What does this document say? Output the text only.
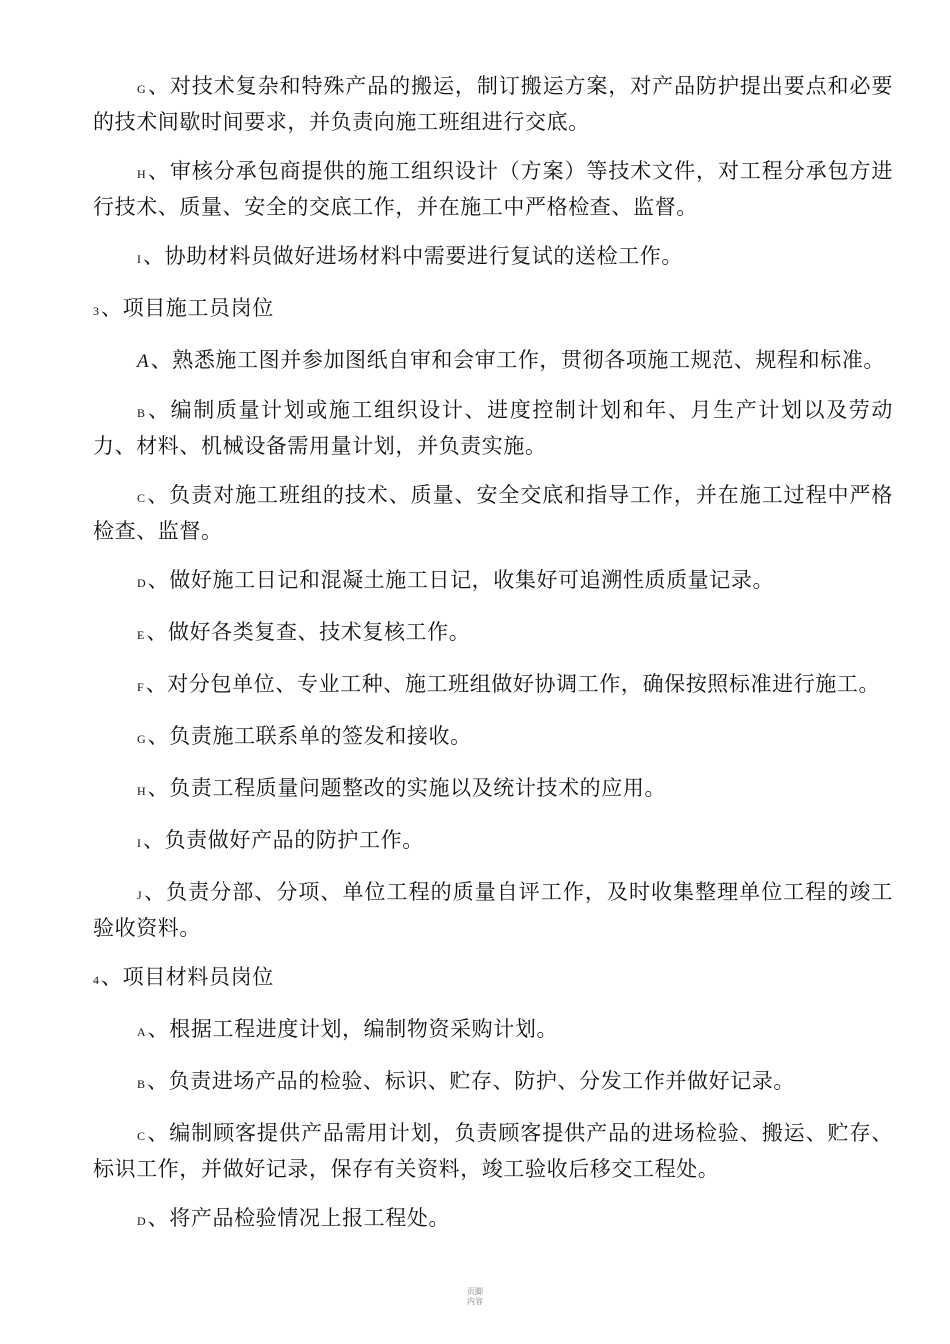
G、对技术复杂和特殊产品的搬运，制订搬运方案，对产品防护提出要点和必要的技术间歇时间要求，并负责向施工班组进行交底。

H、审核分承包商提供的施工组织设计（方案）等技术文件，对工程分承包方进行技术、质量、安全的交底工作，并在施工中严格检查、监督。

I、协助材料员做好进场材料中需要进行复试的送检工作。

3、项目施工员岗位

A、熟悉施工图并参加图纸自审和会审工作，贯彻各项施工规范、规程和标准。

B、编制质量计划或施工组织设计、进度控制计划和年、月生产计划以及劳动力、材料、机械设备需用量计划，并负责实施。

C、负责对施工班组的技术、质量、安全交底和指导工作，并在施工过程中严格检查、监督。

D、做好施工日记和混凝土施工日记，收集好可追溯性质质量记录。

E、做好各类复查、技术复核工作。

F、对分包单位、专业工种、施工班组做好协调工作，确保按照标准进行施工。

G、负责施工联系单的签发和接收。

H、负责工程质量问题整改的实施以及统计技术的应用。

I、负责做好产品的防护工作。

J、负责分部、分项、单位工程的质量自评工作，及时收集整理单位工程的竣工验收资料。

4、项目材料员岗位

A、根据工程进度计划，编制物资采购计划。

B、负责进场产品的检验、标识、贮存、防护、分发工作并做好记录。

C、编制顾客提供产品需用计划，负责顾客提供产品的进场检验、搬运、贮存、标识工作，并做好记录，保存有关资料，竣工验收后移交工程处。

D、将产品检验情况上报工程处。

页脚
内容
